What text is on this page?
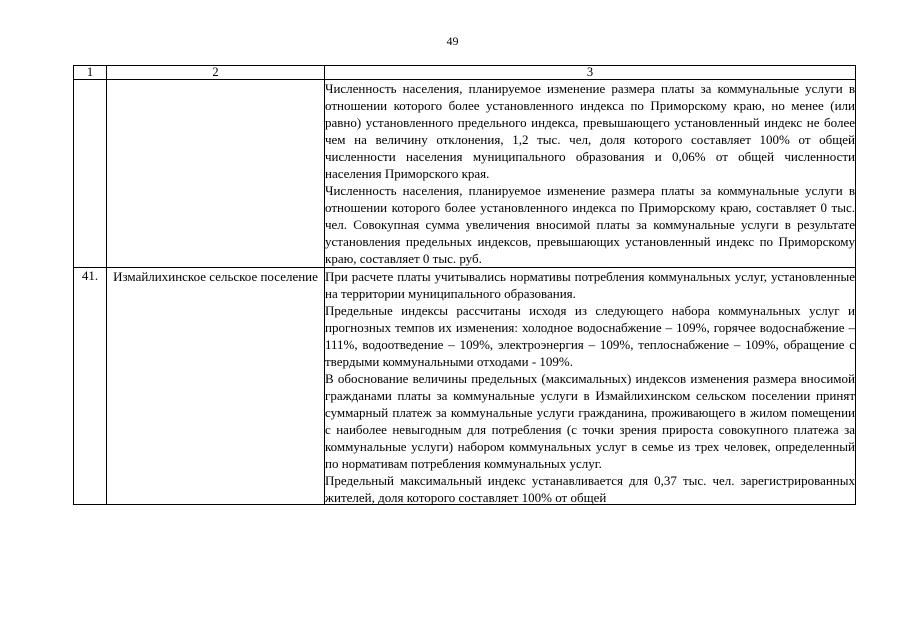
49
1	2	3

		Численность населения, планируемое изменение размера платы за коммунальные услуги в отношении которого более установленного индекса по Приморскому краю, но менее (или равно) установленного предельного индекса, превышающего установленный индекс не более чем на величину отклонения, 1,2 тыс. чел, доля которого составляет 100% от общей численности населения муниципального образования и 0,06% от общей численности населения Приморского края.

Численность населения, планируемое изменение размера платы за коммунальные услуги в отношении которого более установленного индекса по Приморскому краю, составляет 0 тыс. чел. Совокупная сумма увеличения вносимой платы за коммунальные услуги в результате установления предельных индексов, превышающих установленный индекс по Приморскому краю, составляет 0 тыс. руб.

41.	Измайлихинское сельское поселение	При расчете платы учитывались нормативы потребления коммунальных услуг, установленные на территории муниципального образования.

Предельные индексы рассчитаны исходя из следующего набора коммунальных услуг и прогнозных темпов их изменения: холодное водоснабжение – 109%, горячее водоснабжение – 111%, водоотведение – 109%, электроэнергия – 109%, теплоснабжение – 109%, обращение с твердыми коммунальными отходами - 109%.

В обоснование величины предельных (максимальных) индексов изменения размера вносимой гражданами платы за коммунальные услуги в Измайлихинском сельском поселении принят суммарный платеж за коммунальные услуги гражданина, проживающего в жилом помещении с наиболее невыгодным для потребления (с точки зрения прироста совокупного платежа за коммунальные услуги) набором коммунальных услуг в семье из трех человек, определенный по нормативам потребления коммунальных услуг.

Предельный максимальный индекс устанавливается для 0,37 тыс. чел. зарегистрированных жителей, доля которого составляет 100% от общей
